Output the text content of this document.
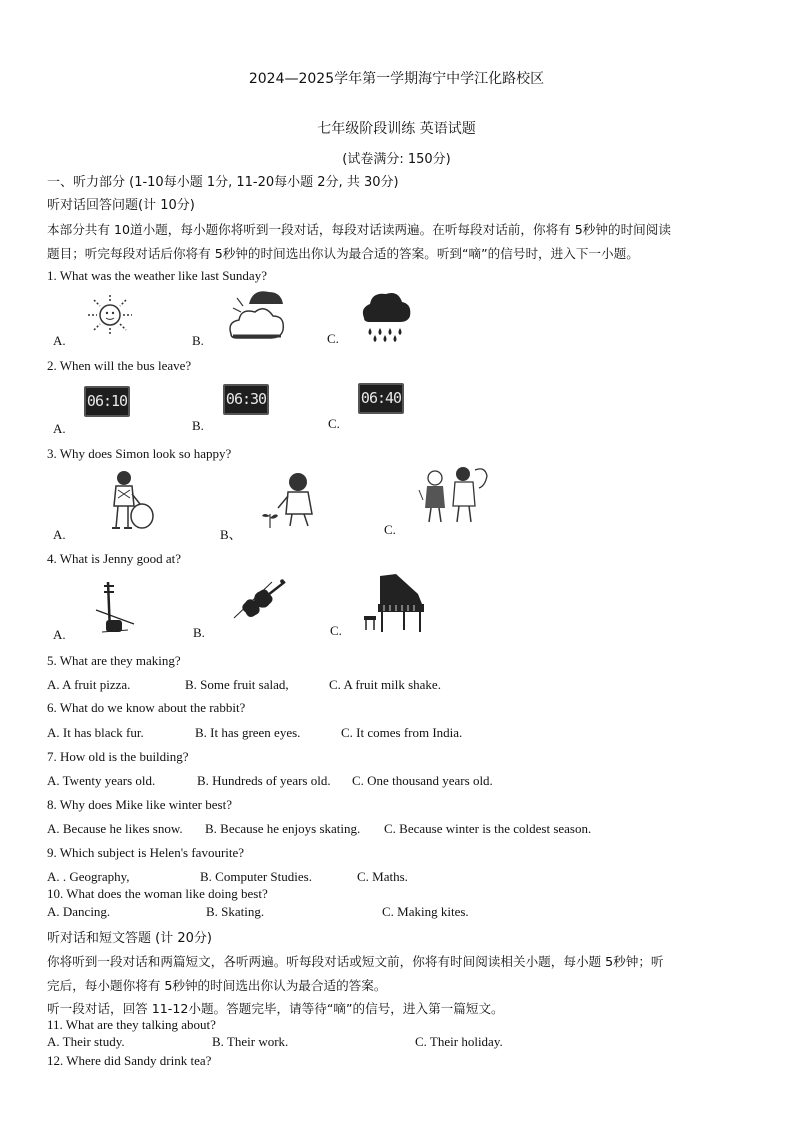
2024—2025学年第一学期海宁中学江化路校区
七年级阶段训练 英语试题
(试卷满分: 150分)
一、听力部分 (1-10每小题 1分, 11-20每小题 2分, 共 30分)
听对话回答问题(计 10分)
本部分共有 10道小题，每小题你将听到一段对话，每段对话读两遍。在听每段对话前，你将有 5秒钟的时间阅读
题目；听完每段对话后你将有 5秒钟的时间选出你认为最合适的答案。听到“嘀”的信号时，进入下一小题。
1. What was the weather like last Sunday?
A.	B.	C.
2. When will the bus leave?
A.
06:10
B.
06:30
C.
06:40
3. Why does Simon look so happy?
A.	B、	C.
4. What is Jenny good at?
A.	B.	C.
5. What are they making?
A. A fruit pizza.	B. Some fruit salad,	C. A fruit milk shake.
6. What do we know about the rabbit?
A. It has black fur.	B. It has green eyes.	C. It comes from India.
7. How old is the building?
A. Twenty years old.	B. Hundreds of years old. C. One thousand years old.
8. Why does Mike like winter best?
A. Because he likes snow. B. Because he enjoys skating. C. Because winter is the coldest season.
9. Which subject is Helen's favourite?
A. . Geography,	B. Computer Studies.	C. Maths.
10. What does the woman like doing best?
A. Dancing.	B. Skating.	C. Making kites.
听对话和短文答题 (计 20分)
你将听到一段对话和两篇短文，各听两遍。听每段对话或短文前，你将有时间阅读相关小题，每小题 5秒钟；听
完后，每小题你将有 5秒钟的时间选出你认为最合适的答案。
听一段对话，回答 11-12小题。答题完毕，请等待“嘀”的信号，进入第一篇短文。
11. What are they talking about?
A. Their study.	B. Their work.	C. Their holiday.
12. Where did Sandy drink tea?
